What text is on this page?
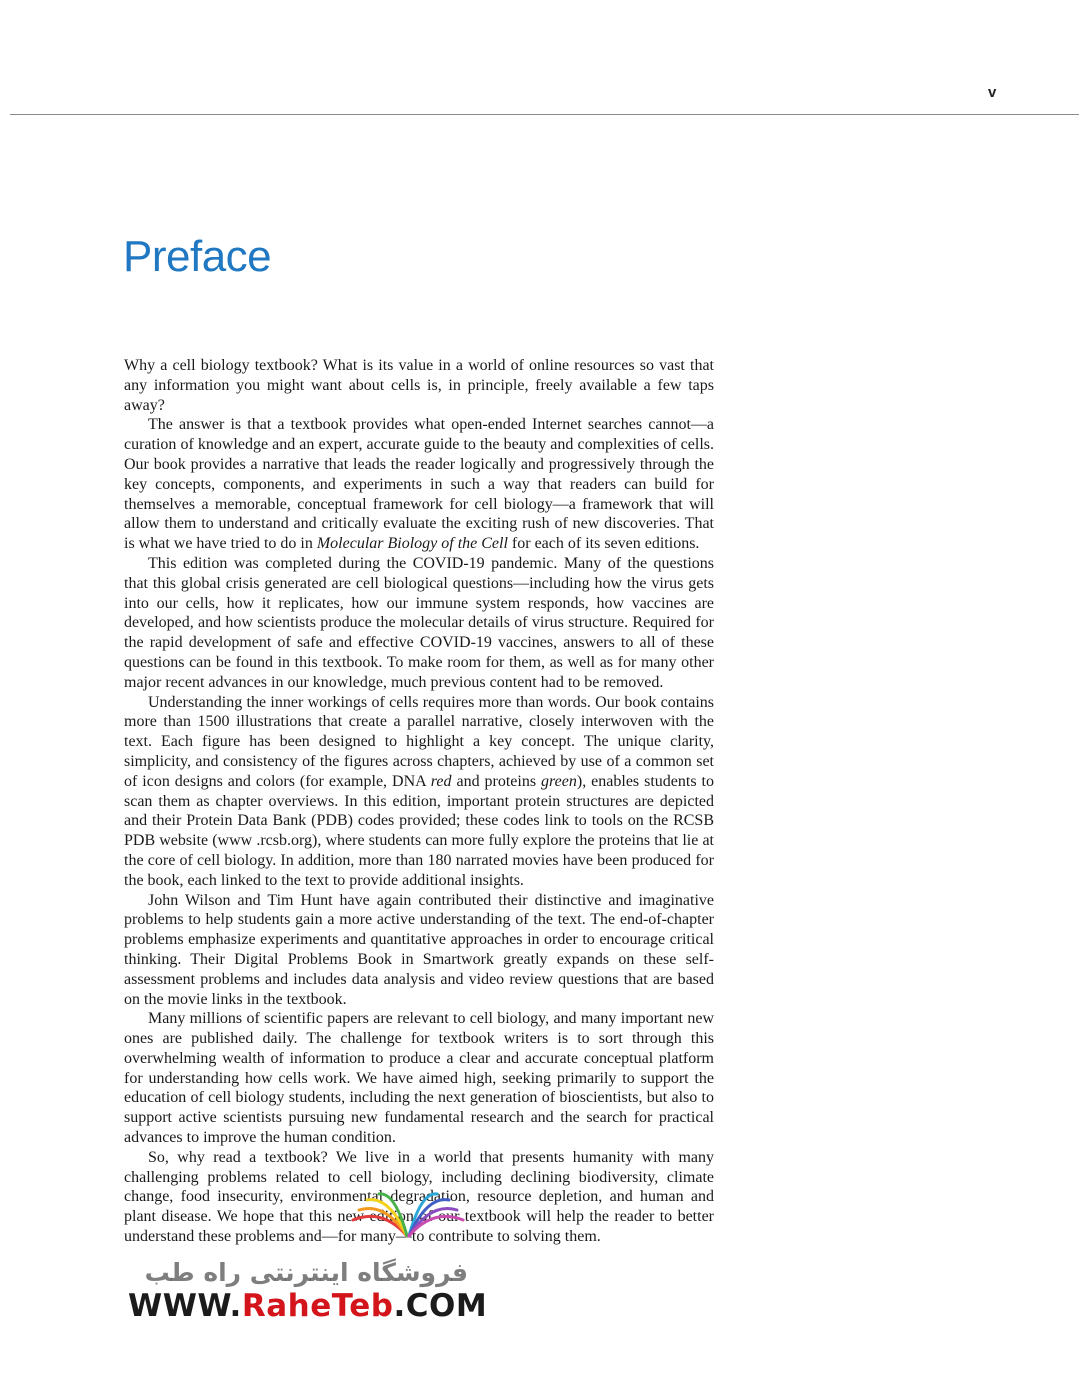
v
Preface

Why a cell biology textbook? What is its value in a world of online resources so vast that any information you might want about cells is, in principle, freely available a few taps away?

The answer is that a textbook provides what open-ended Internet searches cannot—a curation of knowledge and an expert, accurate guide to the beauty and complexities of cells. Our book provides a narrative that leads the reader logically and progressively through the key concepts, components, and experiments in such a way that readers can build for themselves a memorable, conceptual framework for cell biology—a framework that will allow them to understand and critically evaluate the exciting rush of new discoveries. That is what we have tried to do in Molecular Biology of the Cell for each of its seven editions.

This edition was completed during the COVID-19 pandemic. Many of the questions that this global crisis generated are cell biological questions—including how the virus gets into our cells, how it replicates, how our immune system responds, how vaccines are developed, and how scientists produce the molecular details of virus structure. Required for the rapid development of safe and effective COVID-19 vaccines, answers to all of these questions can be found in this textbook. To make room for them, as well as for many other major recent advances in our knowledge, much previous content had to be removed.

Understanding the inner workings of cells requires more than words. Our book contains more than 1500 illustrations that create a parallel narrative, closely interwoven with the text. Each figure has been designed to highlight a key concept. The unique clarity, simplicity, and consistency of the figures across chapters, achieved by use of a common set of icon designs and colors (for example, DNA red and proteins green), enables students to scan them as chapter overviews. In this edition, important protein structures are depicted and their Protein Data Bank (PDB) codes provided; these codes link to tools on the RCSB PDB website (www .rcsb.org), where students can more fully explore the proteins that lie at the core of cell biology. In addition, more than 180 narrated movies have been produced for the book, each linked to the text to provide additional insights.

John Wilson and Tim Hunt have again contributed their distinctive and imaginative problems to help students gain a more active understanding of the text. The end-of-chapter problems emphasize experiments and quantitative approaches in order to encourage critical thinking. Their Digital Problems Book in Smartwork greatly expands on these self-assessment problems and includes data analysis and video review questions that are based on the movie links in the textbook.

Many millions of scientific papers are relevant to cell biology, and many important new ones are published daily. The challenge for textbook writers is to sort through this overwhelming wealth of information to produce a clear and accurate conceptual platform for understanding how cells work. We have aimed high, seeking primarily to support the education of cell biology students, including the next generation of bioscientists, but also to support active scientists pursuing new fundamental research and the search for practical advances to improve the human condition.

So, why read a textbook? We live in a world that presents humanity with many challenging problems related to cell biology, including declining biodiversity, climate change, food insecurity, environmental degradation, resource depletion, and human and plant disease. We hope that this new edition of our textbook will help the reader to better understand these problems and—for many—to contribute to solving them.

فروشگاه اینترنتی راه طب
WWW.RaheTeb.COM
